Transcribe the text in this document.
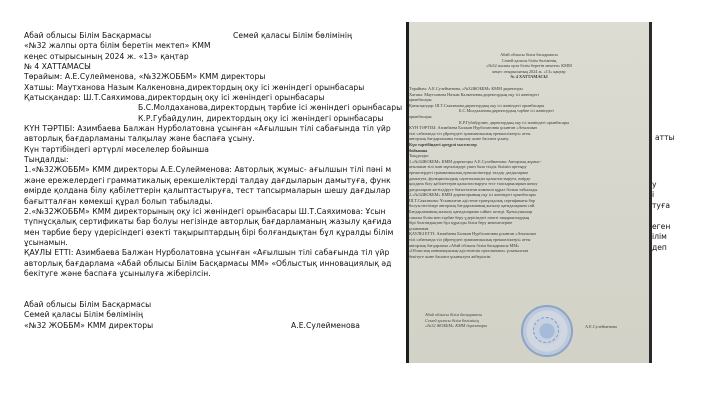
Абай облысы Білім Басқармасы	Семей қаласы Білім бөлімінің
«№32 жалпы орта білім беретін мектеп» КММ
кеңес отырысының 2024 ж. «13» қаңтар
№ 4 ХАТТАМАСЫ
Төрайым: А.Е.Сулейменова, «№32ЖОББМ» КММ директоры
Хатшы: Маутханова Назым Калкеновна,директордың оқу ісі жөніндегі орынбасары
Қатысқандар: Ш.Т.Саяхимова,директордың оқу ісі жөніндегі орынбасары
Б.С.Молдаханова,директордың тәрбие ісі жөніндегі орынбасары
К.Р.Губайдулин, директордың оқу ісі жөніндегі орынбасары
КҮН ТӘРТІБІ: Азимбаева Балжан Нурболатовна ұсынған «Ағылшын тілі сабағында тіл үйр
авторлық бағдарламаны талқылау және баспаға ұсыну.
Күн тәртібіндегі әртүрлі мәселелер бойынша
Тыңдалды:
1.«№32ЖОББМ» КММ директоры А.Е.Сулейменова: Авторлық жұмыс- ағылшын тілі пәні м
және ережелердегі грамматикалық ерекшеліктерді талдау дағдыларын дамытуға, функ
өмірде қолдана білу қабілеттерін қалыптастыруға, тест тапсырмаларын шешу дағдылар
бағытталған көмекші құрал болып табылады.
2.«№32ЖОББМ» КММ директорының оқу ісі жөніндегі орынбасары Ш.Т.Саяхимова: Ұсын
түпнұсқалық сертификаты бар болуы негізінде авторлық бағдарламаның жазылу қағида
мен тәрбие беру үдерісіндегі өзекті тақырыптардың бірі болғандықтан бұл құралды білім
ұсынамын.
ҚАУЛЫ ЕТТІ: Азимбаева Балжан Нурболатовна ұсынған «Ағылшын тілі сабағында тіл үйр
авторлық бағдарлама «Абай облысы Білім Басқармасы ММ» «Облыстық инновациялық әд
бекітуге және баспаға ұсынылуға жіберілсін.
Абай облысы Білім Басқармасы
Семей қаласы Білім бөлімінің
«№32 ЖОББМ» КММ директоры	А.Е.Сулейменова
атты
у
і
туға
еген
ілім
деп
Абай облысы білім басқармасы
Семей қаласы білім бөлімінің
«№32 жалпы орта білім беретін мектеп» КММ
кеңес отырысының 2024 ж. «13» қаңтар
№ 4 ХАТТАМАСЫ
Төрайым: А.Е.Сулейменова, «№32ЖОББМ» КММ директоры
Хатшы: Маутханова Назым Калкеновна,директордың оқу ісі жөніндегі
орынбасары
Қатысқандар: Ш.Т.Саяхимова,директордың оқу ісі жөніндегі орынбасары
Б.С.Молдаханова,директордың тәрбие ісі жөніндегі
орынбасары
К.Р.Губайдулин, директордың оқу ісі жөніндегі орынбасары
КҮН ТӘРТІБІ: Азимбаева Балжан Нурболатовна ұсынған «Ағылшын
тілі сабағында тіл үйренудегі грамматикалық ерекшеліктері» атты
авторлық бағдарламаны талқылау және баспаға ұсыну.
Күн тәртібіндегі әртүрлі мәселелер
бойынша
Тыңдалды:
1.«№32ЖОББМ» КММ директоры А.Е.Сулейменова: Авторлық жұмыс-
ағылшын тілі пәні мұғалімдері үшін бала тілдік білімін арттыру
ережелердегі грамматикалық ерекшеліктерді талдау дағдыларын
дамытуға, функционалдық сауаттылықты қалыптастыруға, өмірде
қолдана білу қабілеттерін қалыптастыруға тест тапсырмаларын шешу
дағдыларын жетілдіруге бағытталған көмекші құрал болып табылады.
2.«№32ЖОББМ» КММ директорының оқу ісі жөніндегі орынбасары
Ш.Т.Саяхимова: Ұсынылған әдістеме тұпнұсқалық сертификаты бар
болуы негізінде авторлық бағдарламаның жазылу қағидаларына сай.
Бағдарламаның жазылу қағидаларына сәйкес келеді. Қатысушылар
сапалы білім мен тәрбие беру үдерісіндегі өзекті тақырыптардың
бірі болғандықтан бұл құралды білім беру мекемелеріне
ұсынамын.
ҚАУЛЫ ЕТТІ: Азимбаева Балжан Нурболатовна ұсынған «Ағылшын
тілі сабағында тіл үйренудегі грамматикалық ерекшеліктері» атты
авторлық бағдарлама «Абай облысы білім басқармасы ММ»
«Облыстық инновациялық-әдістемелік орталығына» ұсынылсын
бекітуге және баспаға ұсынылуға жіберілсін.
Абай облысы білім басқармасы
Семей қаласы білім бөлімінің
«№32 ЖОББМ» КММ директоры	А.Е.Сулейменова
